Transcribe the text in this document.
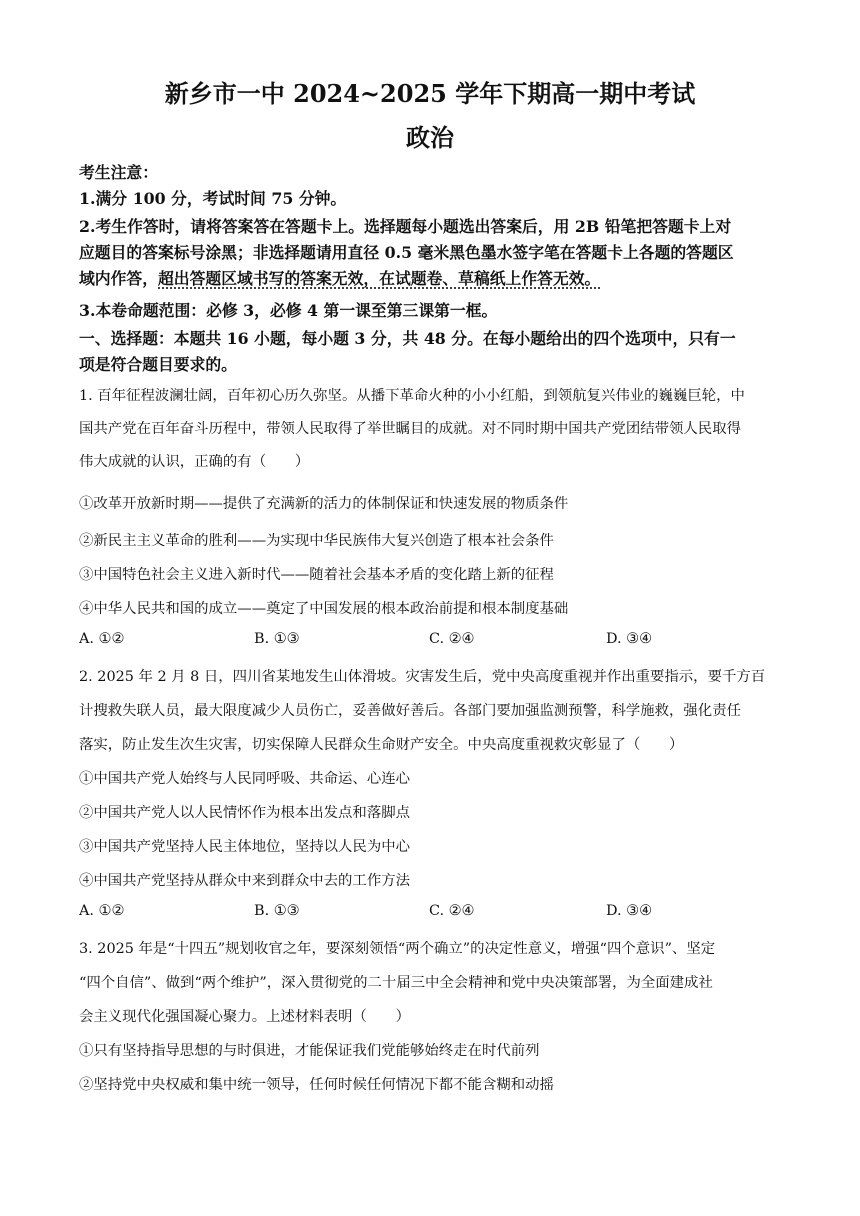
新乡市一中 2024~2025 学年下期高一期中考试
政治
考生注意：
1.满分 100 分，考试时间 75 分钟。
2.考生作答时，请将答案答在答题卡上。选择题每小题选出答案后，用 2B 铅笔把答题卡上对
应题目的答案标号涂黑；非选择题请用直径 0.5 毫米黑色墨水签字笔在答题卡上各题的答题区
域内作答，超出答题区域书写的答案无效，在试题卷、草稿纸上作答无效。
3.本卷命题范围：必修 3，必修 4 第一课至第三课第一框。
一、选择题：本题共 16 小题，每小题 3 分，共 48 分。在每小题给出的四个选项中，只有一
项是符合题目要求的。
1. 百年征程波澜壮阔，百年初心历久弥坚。从播下革命火种的小小红船，到领航复兴伟业的巍巍巨轮，中
国共产党在百年奋斗历程中，带领人民取得了举世瞩目的成就。对不同时期中国共产党团结带领人民取得
伟大成就的认识，正确的有（　　）
①改革开放新时期——提供了充满新的活力的体制保证和快速发展的物质条件
②新民主主义革命的胜利——为实现中华民族伟大复兴创造了根本社会条件
③中国特色社会主义进入新时代——随着社会基本矛盾的变化踏上新的征程
④中华人民共和国的成立——奠定了中国发展的根本政治前提和根本制度基础
A. ①②	B. ①③	C. ②④	D. ③④
2. 2025 年 2 月 8 日，四川省某地发生山体滑坡。灾害发生后，党中央高度重视并作出重要指示，要千方百
计搜救失联人员，最大限度减少人员伤亡，妥善做好善后。各部门要加强监测预警，科学施救，强化责任
落实，防止发生次生灾害，切实保障人民群众生命财产安全。中央高度重视救灾彰显了（　　）
①中国共产党人始终与人民同呼吸、共命运、心连心
②中国共产党人以人民情怀作为根本出发点和落脚点
③中国共产党坚持人民主体地位，坚持以人民为中心
④中国共产党坚持从群众中来到群众中去的工作方法
A. ①②	B. ①③	C. ②④	D. ③④
3. 2025 年是“十四五”规划收官之年，要深刻领悟“两个确立”的决定性意义，增强“四个意识”、坚定
“四个自信”、做到“两个维护”，深入贯彻党的二十届三中全会精神和党中央决策部署，为全面建成社
会主义现代化强国凝心聚力。上述材料表明（　　）
①只有坚持指导思想的与时俱进，才能保证我们党能够始终走在时代前列
②坚持党中央权威和集中统一领导，任何时候任何情况下都不能含糊和动摇
